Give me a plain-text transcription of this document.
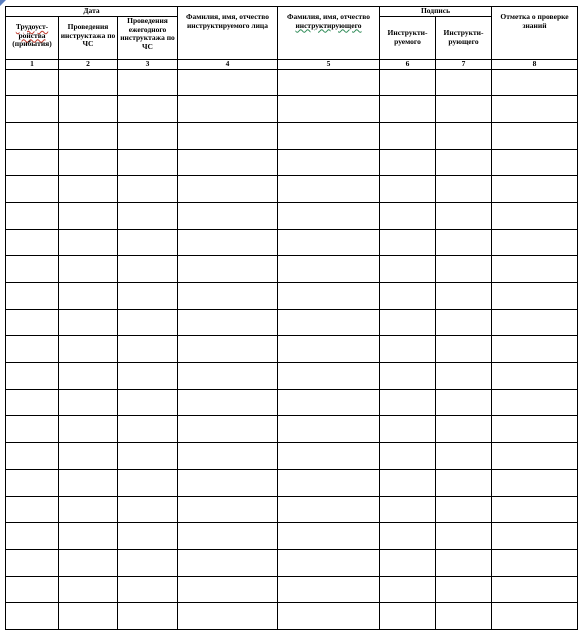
Дата			Фамилия, имя, отчество инструктируемого лица	Фамилия, имя, отчество
инструктирующего	Подпись		Отметка о проверке знаний

Трудоуст-
ройства
(прибытия)	Проведения инструктажа по ЧС	Проведения ежегодного инструктажа по ЧС			Инструкти-руемого	Инструкти-рующего	

1	2	3	4	5	6	7	8
